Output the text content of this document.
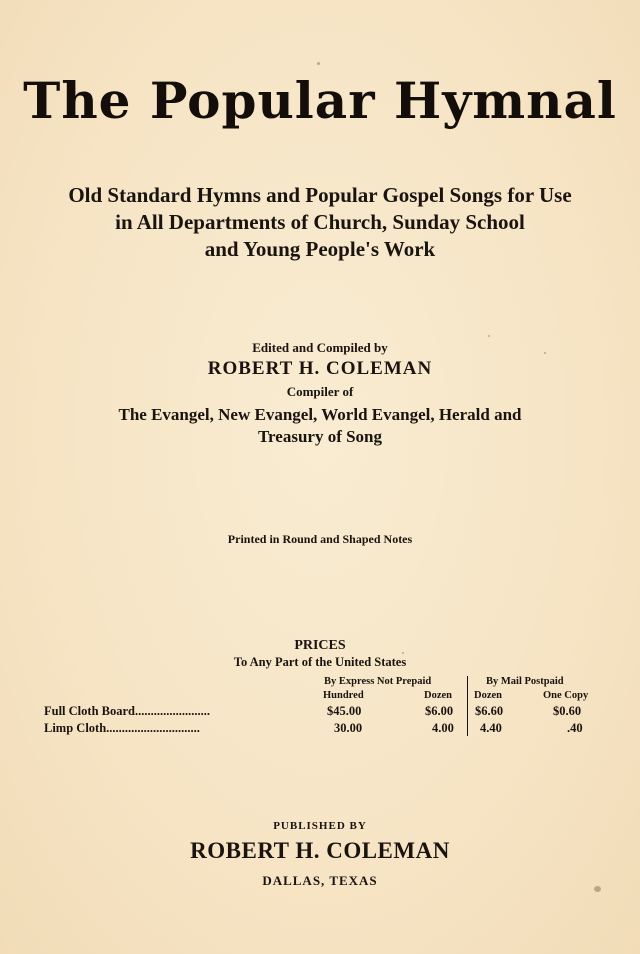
The Popular Hymnal
Old Standard Hymns and Popular Gospel Songs for Use
in All Departments of Church, Sunday School
and Young People's Work
Edited and Compiled by
ROBERT H. COLEMAN
Compiler of
The Evangel, New Evangel, World Evangel, Herald and
Treasury of Song
Printed in Round and Shaped Notes
PRICES
To Any Part of the United States
By Express Not Prepaid	By Mail Postpaid
Hundred	Dozen Dozen	One Copy
Full Cloth Board........................	$45.00	$6.00 $6.60	$0.60
Limp Cloth..............................	30.00	4.00 4.40	.40
PUBLISHED BY
ROBERT H. COLEMAN
DALLAS, TEXAS
